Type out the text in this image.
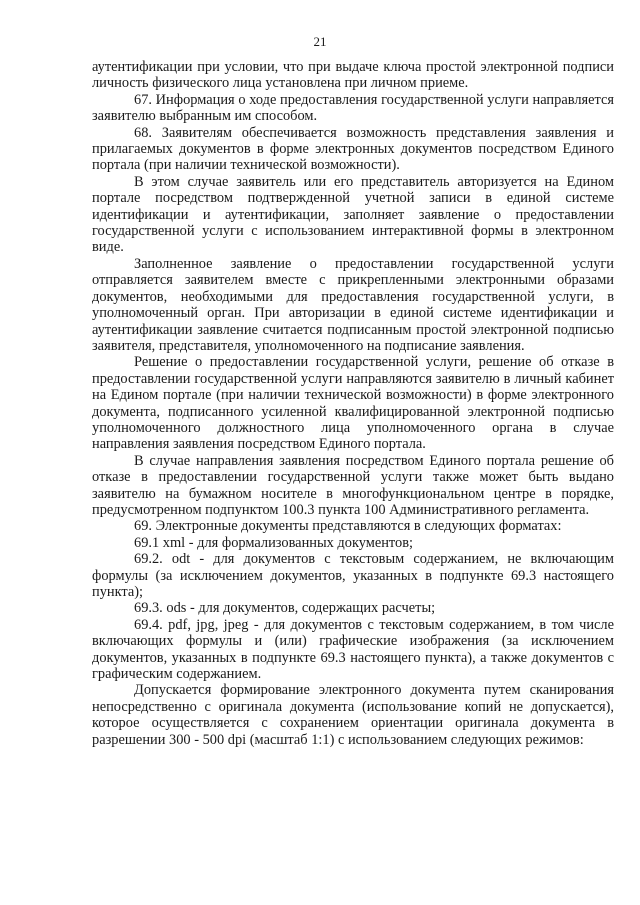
21

аутентификации при условии, что при выдаче ключа простой электронной подписи личность физического лица установлена при личном приеме.

67. Информация о ходе предоставления государственной услуги направляется заявителю выбранным им способом.

68. Заявителям обеспечивается возможность представления заявления и прилагаемых документов в форме электронных документов посредством Единого портала (при наличии технической возможности).

В этом случае заявитель или его представитель авторизуется на Едином портале посредством подтвержденной учетной записи в единой системе идентификации и аутентификации, заполняет заявление о предоставлении государственной услуги с использованием интерактивной формы в электронном виде.

Заполненное заявление о предоставлении государственной услуги отправляется заявителем вместе с прикрепленными электронными образами документов, необходимыми для предоставления государственной услуги, в уполномоченный орган. При авторизации в единой системе идентификации и аутентификации заявление считается подписанным простой электронной подписью заявителя, представителя, уполномоченного на подписание заявления.

Решение о предоставлении государственной услуги, решение об отказе в предоставлении государственной услуги направляются заявителю в личный кабинет на Едином портале (при наличии технической возможности) в форме электронного документа, подписанного усиленной квалифицированной электронной подписью уполномоченного должностного лица уполномоченного органа в случае направления заявления посредством Единого портала.

В случае направления заявления посредством Единого портала решение об отказе в предоставлении государственной услуги также может быть выдано заявителю на бумажном носителе в многофункциональном центре в порядке, предусмотренном подпунктом 100.3 пункта 100 Административного регламента.

69. Электронные документы представляются в следующих форматах:

69.1 xml - для формализованных документов;

69.2. odt - для документов с текстовым содержанием, не включающим формулы (за исключением документов, указанных в подпункте 69.3 настоящего пункта);

69.3. ods - для документов, содержащих расчеты;

69.4. pdf, jpg, jpeg - для документов с текстовым содержанием, в том числе включающих формулы и (или) графические изображения (за исключением документов, указанных в подпункте 69.3 настоящего пункта), а также документов с графическим содержанием.

Допускается формирование электронного документа путем сканирования непосредственно с оригинала документа (использование копий не допускается), которое осуществляется с сохранением ориентации оригинала документа в разрешении 300 - 500 dpi (масштаб 1:1) с использованием следующих режимов:
